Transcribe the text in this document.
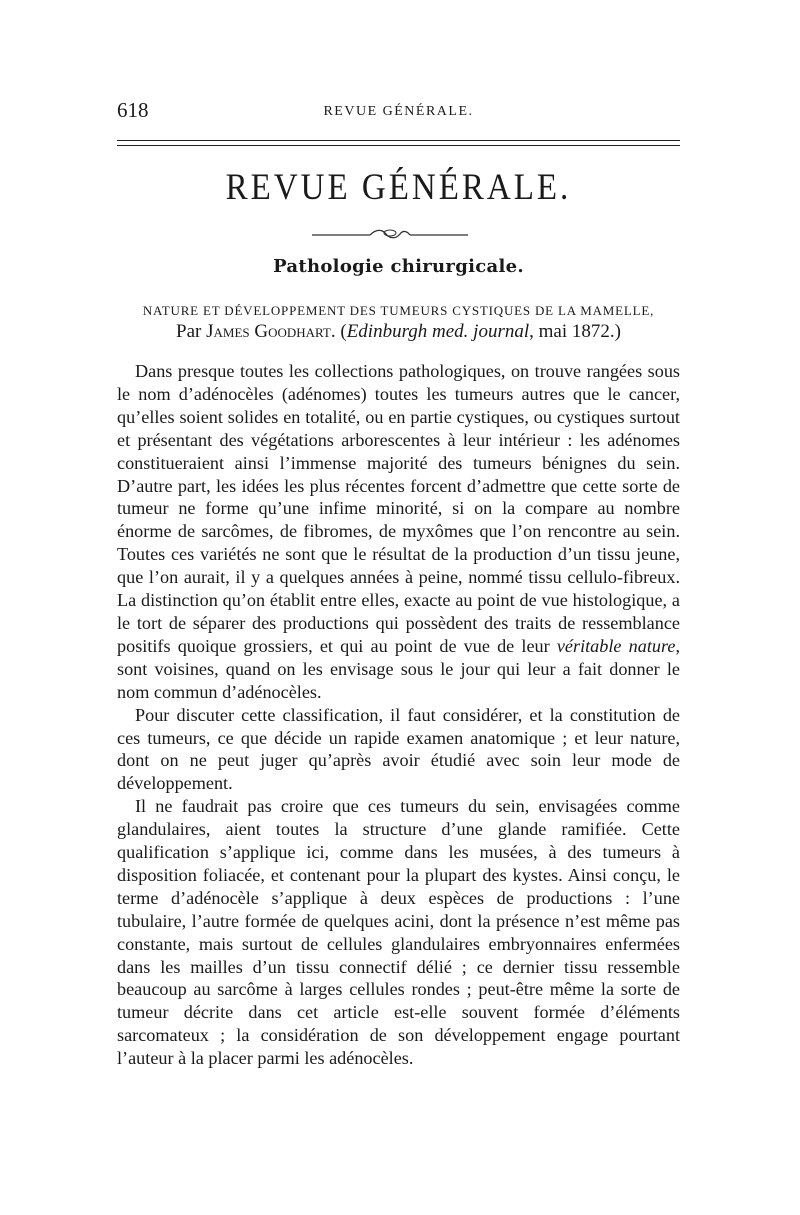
618	REVUE GÉNÉRALE.
REVUE GÉNÉRALE.
Pathologie chirurgicale.
NATURE ET DÉVELOPPEMENT DES TUMEURS CYSTIQUES DE LA MAMELLE,
Par James Goodhart. (Edinburgh med. journal, mai 1872.)

Dans presque toutes les collections pathologiques, on trouve rangées sous le nom d’adénocèles (adénomes) toutes les tumeurs autres que le cancer, qu’elles soient solides en totalité, ou en partie cystiques, ou cystiques surtout et présentant des végétations arborescentes à leur intérieur : les adénomes constitueraient ainsi l’immense majorité des tumeurs bénignes du sein. D’autre part, les idées les plus récentes forcent d’admettre que cette sorte de tumeur ne forme qu’une infime minorité, si on la compare au nombre énorme de sarcômes, de fibromes, de myxômes que l’on rencontre au sein. Toutes ces variétés ne sont que le résultat de la production d’un tissu jeune, que l’on aurait, il y a quelques années à peine, nommé tissu cellulo-fibreux. La distinction qu’on établit entre elles, exacte au point de vue histologique, a le tort de séparer des productions qui possèdent des traits de ressemblance positifs quoique grossiers, et qui au point de vue de leur véritable nature, sont voisines, quand on les envisage sous le jour qui leur a fait donner le nom commun d’adénocèles.

Pour discuter cette classification, il faut considérer, et la constitution de ces tumeurs, ce que décide un rapide examen anatomique ; et leur nature, dont on ne peut juger qu’après avoir étudié avec soin leur mode de développement.

Il ne faudrait pas croire que ces tumeurs du sein, envisagées comme glandulaires, aient toutes la structure d’une glande ramifiée. Cette qualification s’applique ici, comme dans les musées, à des tumeurs à disposition foliacée, et contenant pour la plupart des kystes. Ainsi conçu, le terme d’adénocèle s’applique à deux espèces de productions : l’une tubulaire, l’autre formée de quelques acini, dont la présence n’est même pas constante, mais surtout de cellules glandulaires embryonnaires enfermées dans les mailles d’un tissu connectif délié ; ce dernier tissu ressemble beaucoup au sarcôme à larges cellules rondes ; peut-être même la sorte de tumeur décrite dans cet article est-elle souvent formée d’éléments sarcomateux ; la considération de son développement engage pourtant l’auteur à la placer parmi les adénocèles.
